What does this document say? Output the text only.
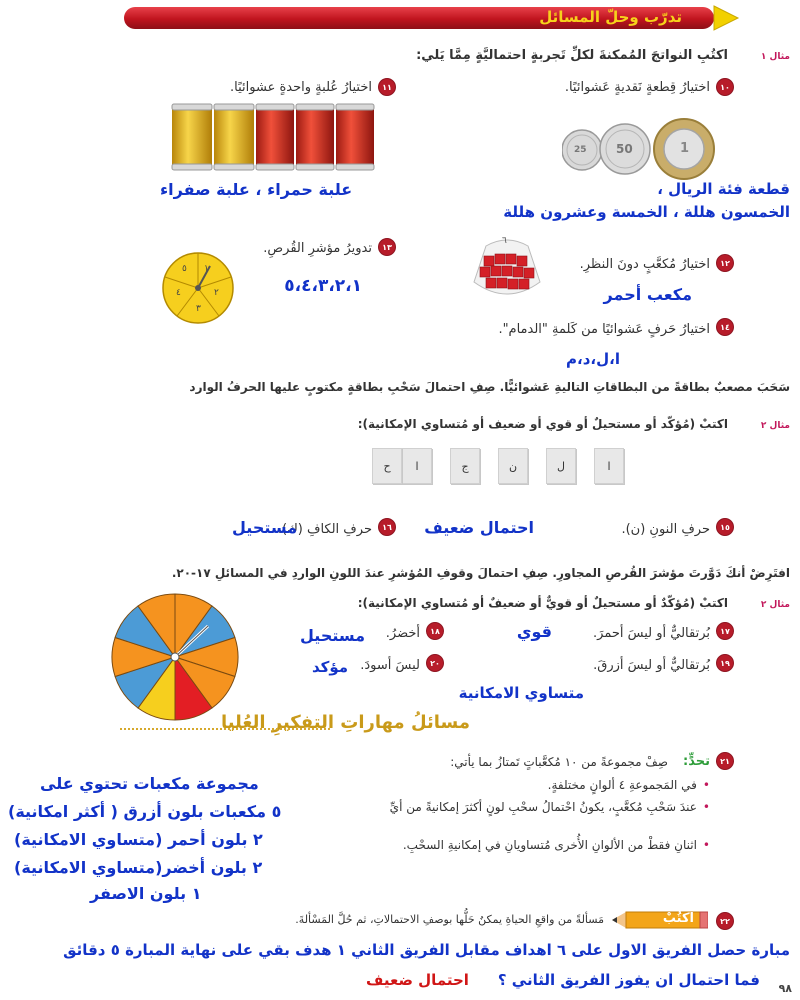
تدرّب وحلّ المسائل
اكتُبِ النواتجَ المُمكنةَ لكلِّ تَجربةٍ احتماليَّةٍ مِمَّا يَلي:	مثال ١
١٠
اختيارُ قِطعةٍ نَقديةٍ عَشوائيًا.
25 50	1
قطعة فئة الريال ،
الخمسون هللة ، الخمسة وعشرون هللة
١١
اختيارُ عُلبةٍ واحدةٍ عشوائيًا.
علبة حمراء ، علبة صفراء
١٢
اختيارُ مُكعَّبٍ دونَ النظرِ.
٦
مكعب أحمر
١٣
تدويرُ مؤشرِ القُرصِ.
١
٢
٣
٤
٥
٥،٤،٣،٢،١
١٤
اختيارُ حَرفٍ عَشوائيًا من كَلمةِ "الدمام".
ا،ل،د،م
سَحَبَ مصعبٌ بطاقةً من البطاقاتِ التاليةِ عَشوائيًّا. صِفِ احتمالَ سَحْبِ بطاقةٍ مكتوبٍ عليها الحرفُ الوارد
اكتبْ (مُؤكّد أو مستحيلٌ أو قوي أو ضعيف أو مُتساوي الإمكانية):	مثال ٢
ا
ل
ن
ج
ا
ح
١٥
حرفِ النونِ (ن).
احتمال ضعيف
١٦
حرفِ الكافِ (ك).
مستحيل
افتَرِضْ أنكَ دَوَّرتَ مؤشرَ القُرصِ المجاورِ. صِفِ احتمالَ وقوفِ المُؤشرِ عندَ اللونِ الواردِ في المسائلِ ١٧-٢٠.
اكتبْ (مُؤكّدٌ أو مستحيلٌ أو قويٌّ أو ضعيفٌ أو مُتساوي الإمكانية):	مثال ٢
١٧
بُرتقاليٌّ أو ليسَ أحمرَ.
قوي
١٨
أخضرُ.
مستحيل
١٩
بُرتقاليٌّ أو ليسَ أزرقَ.
متساوي الامكانية
٢٠
ليسَ أسودَ.
مؤكد
مسائلُ مهاراتِ التفكيرِ العُليا
٢١
تحدٍّ:
صِفْ مجموعةً من ١٠ مُكعَّباتٍ تَمتازُ بما يأتي:
• في المَجموعةِ ٤ ألوانٍ مختلفةٍ.
• عندَ سَحْبِ مُكعَّبٍ، يكونُ احْتمالُ سحْبِ لونٍ أكثرَ إمكانيةً من أيِّ
• اثنانِ فقطْ من الألوانِ الأُخرى مُتساويانِ في إمكانيةِ السحْبِ.
مجموعة مكعبات تحتوي على
٥ مكعبات بلون أزرق ( أكثر امكانية)
٢ بلون أحمر (متساوي الامكانية)
٢ بلون أخضر(متساوي الامكانية)
١ بلون الاصفر
٢٢
اُكتُبْ
مَسألةً من واقعِ الحياةِ يمكنُ حَلُّها بوصفِ الاحتمالاتِ، ثم حُلَّ المَسْألةَ.
مبارة حصل الفريق الاول على ٦ اهداف مقابل الفريق الثاني ١ هدف بقي على نهاية المبارة ٥ دقائق
فما احتمال ان يفوز الفريق الثاني ؟
احتمال ضعيف	٩٨
